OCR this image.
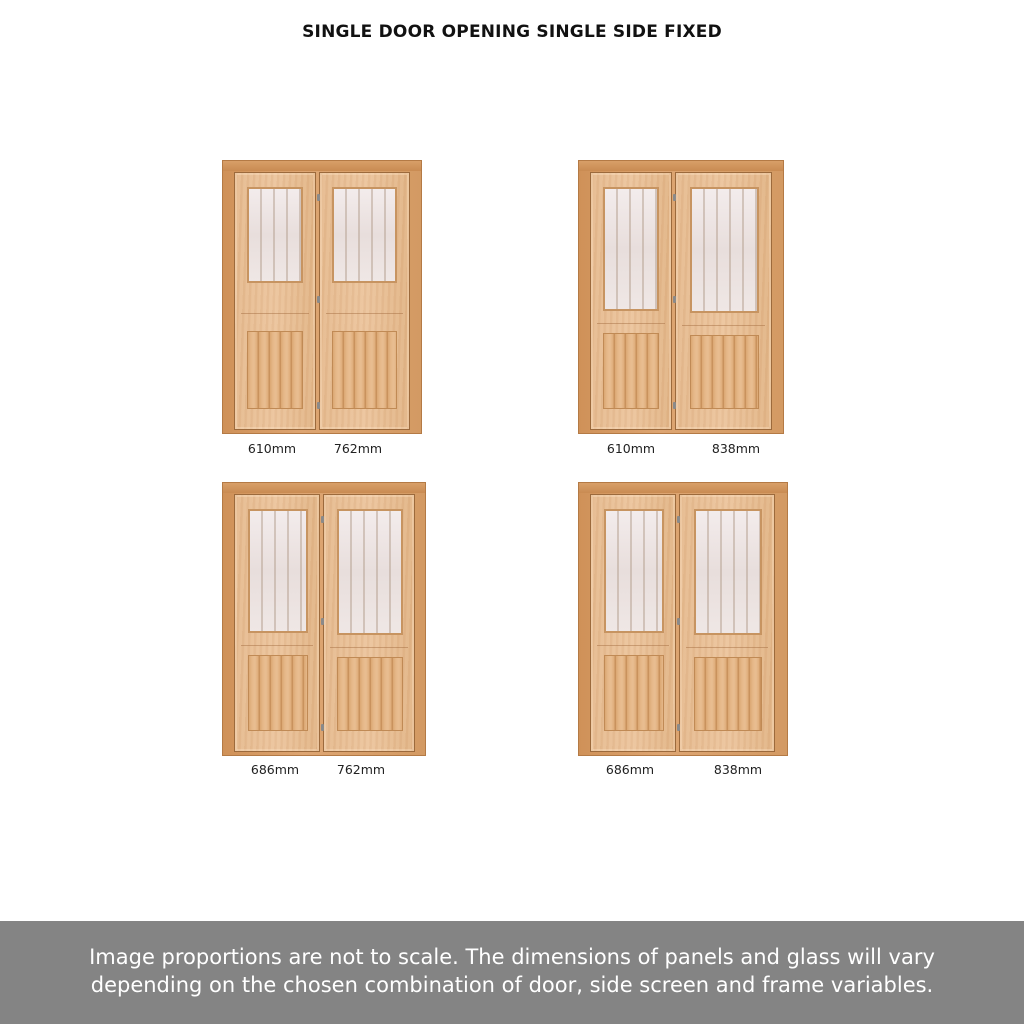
SINGLE DOOR OPENING SINGLE SIDE FIXED
610mm	762mm	610mm	838mm
686mm	762mm	686mm	838mm
Image proportions are not to scale. The dimensions of panels and glass will vary
depending on the chosen combination of door, side screen and frame variables.
